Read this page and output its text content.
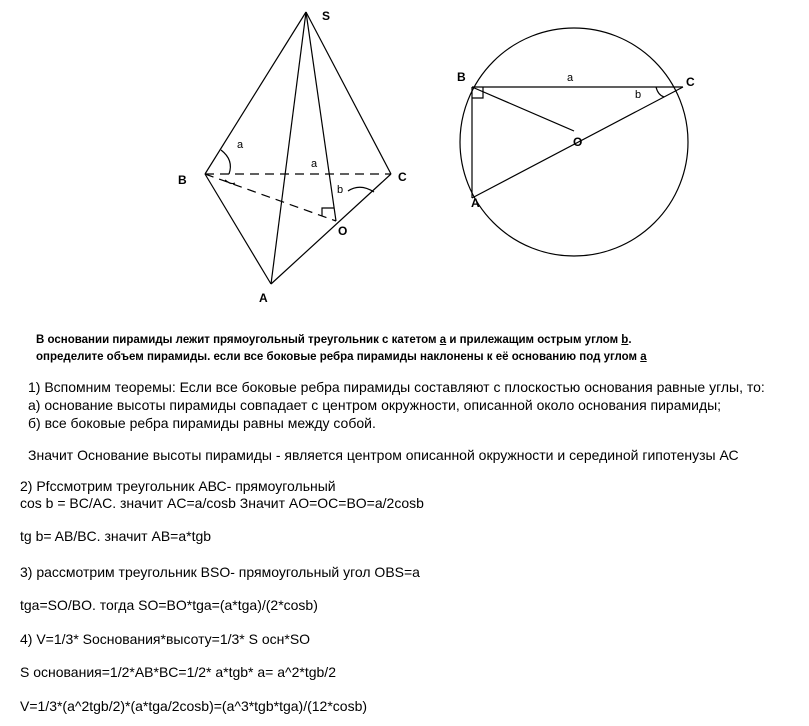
S
B	C
A
O
a
a
b
B	C
A
O
a
b
В основании пирамиды лежит прямоугольный треугольник с катетом a и прилежащим острым углом b.
определите объем пирамиды. если все боковые ребра пирамиды наклонены к её основанию под углом a
1) Вспомним теоремы: Если все боковые ребра пирамиды составляют с плоскостью основания равные углы, то:
а) основание высоты пирамиды совпадает с центром окружности, описанной около основания пирамиды;
б) все боковые ребра пирамиды равны между собой.
Значит Основание высоты пирамиды - является центром описанной окружности и серединой гипотенузы АС
2) Pfссмотрим треугольник АВС- прямоугольный
cos b = BC/AC. значит AC=a/cosb Значит AO=OC=BO=a/2cosb
tg b= AB/BC. значит AB=a*tgb
3) рассмотрим треугольник BSO- прямоугольный угол OBS=a
tga=SO/BO. тогда SO=BO*tga=(a*tga)/(2*cosb)
4) V=1/3* Sоснования*высоту=1/3* S осн*SO
S основания=1/2*AB*BC=1/2* a*tgb* a= a^2*tgb/2
V=1/3*(a^2tgb/2)*(a*tga/2cosb)=(a^3*tgb*tga)/(12*cosb)
